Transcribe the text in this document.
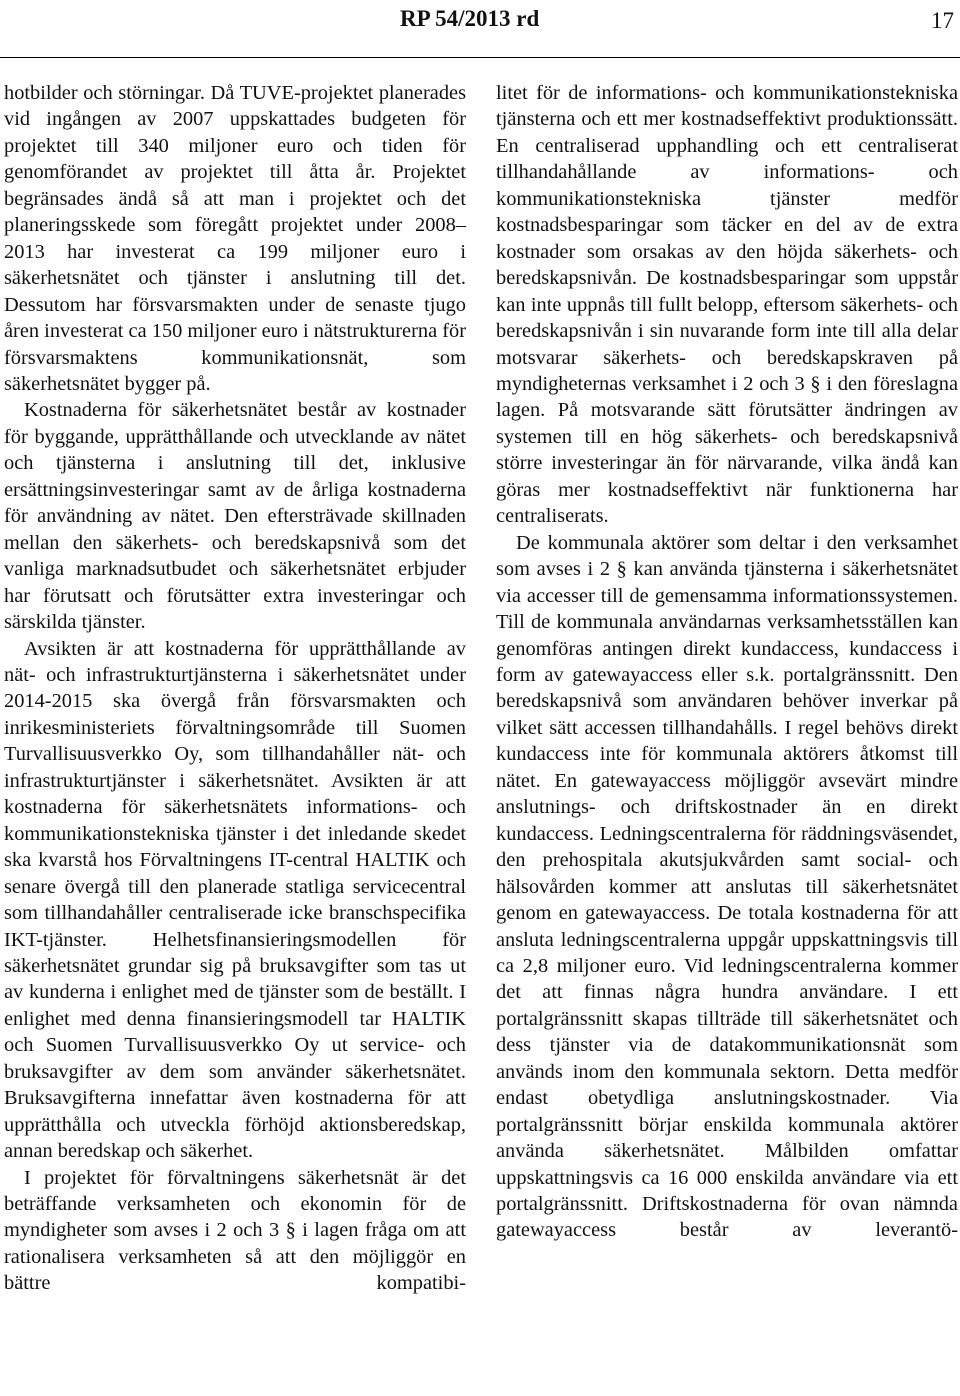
RP 54/2013 rd	17

hotbilder och störningar. Då TUVE-projektet planerades vid ingången av 2007 uppskattades budgeten för projektet till 340 miljoner euro och tiden för genomförandet av projektet till åtta år. Projektet begränsades ändå så att man i projektet och det planeringsskede som föregått projektet under 2008–2013 har investerat ca 199 miljoner euro i säkerhetsnätet och tjänster i anslutning till det. Dessutom har försvarsmakten under de senaste tjugo åren investerat ca 150 miljoner euro i nätstrukturerna för försvarsmaktens kommunikationsnät, som säkerhetsnätet bygger på.

Kostnaderna för säkerhetsnätet består av kostnader för byggande, upprätthållande och utvecklande av nätet och tjänsterna i anslutning till det, inklusive ersättningsinvesteringar samt av de årliga kostnaderna för användning av nätet. Den eftersträvade skillnaden mellan den säkerhets- och beredskapsnivå som det vanliga marknadsutbudet och säkerhetsnätet erbjuder har förutsatt och förutsätter extra investeringar och särskilda tjänster.

Avsikten är att kostnaderna för upprätthållande av nät- och infrastrukturtjänsterna i säkerhetsnätet under 2014-2015 ska övergå från försvarsmakten och inrikesministeriets förvaltningsområde till Suomen Turvallisuusverkko Oy, som tillhandahåller nät- och infrastrukturtjänster i säkerhetsnätet. Avsikten är att kostnaderna för säkerhetsnätets informations- och kommunikationstekniska tjänster i det inledande skedet ska kvarstå hos Förvaltningens IT-central HALTIK och senare övergå till den planerade statliga servicecentral som tillhandahåller centraliserade icke branschspecifika IKT-tjänster. Helhetsfinansieringsmodellen för säkerhetsnätet grundar sig på bruksavgifter som tas ut av kunderna i enlighet med de tjänster som de beställt. I enlighet med denna finansieringsmodell tar HALTIK och Suomen Turvallisuusverkko Oy ut service- och bruksavgifter av dem som använder säkerhetsnätet. Bruksavgifterna innefattar även kostnaderna för att upprätthålla och utveckla förhöjd aktionsberedskap, annan beredskap och säkerhet.

I projektet för förvaltningens säkerhetsnät är det beträffande verksamheten och ekonomin för de myndigheter som avses i 2 och 3 § i lagen fråga om att rationalisera verksamheten så att den möjliggör en bättre kompatibi-

litet för de informations- och kommunikationstekniska tjänsterna och ett mer kostnadseffektivt produktionssätt. En centraliserad upphandling och ett centraliserat tillhandahållande av informations- och kommunikationstekniska tjänster medför kostnadsbesparingar som täcker en del av de extra kostnader som orsakas av den höjda säkerhets- och beredskapsnivån. De kostnadsbesparingar som uppstår kan inte uppnås till fullt belopp, eftersom säkerhets- och beredskapsnivån i sin nuvarande form inte till alla delar motsvarar säkerhets- och beredskapskraven på myndigheternas verksamhet i 2 och 3 § i den föreslagna lagen. På motsvarande sätt förutsätter ändringen av systemen till en hög säkerhets- och beredskapsnivå större investeringar än för närvarande, vilka ändå kan göras mer kostnadseffektivt när funktionerna har centraliserats.

De kommunala aktörer som deltar i den verksamhet som avses i 2 § kan använda tjänsterna i säkerhetsnätet via accesser till de gemensamma informationssystemen. Till de kommunala användarnas verksamhetsställen kan genomföras antingen direkt kundaccess, kundaccess i form av gatewayaccess eller s.k. portalgränssnitt. Den beredskapsnivå som användaren behöver inverkar på vilket sätt accessen tillhandahålls. I regel behövs direkt kundaccess inte för kommunala aktörers åtkomst till nätet. En gatewayaccess möjliggör avsevärt mindre anslutnings- och driftskostnader än en direkt kundaccess. Ledningscentralerna för räddningsväsendet, den prehospitala akutsjukvården samt social- och hälsovården kommer att anslutas till säkerhetsnätet genom en gatewayaccess. De totala kostnaderna för att ansluta ledningscentralerna uppgår uppskattningsvis till ca 2,8 miljoner euro. Vid ledningscentralerna kommer det att finnas några hundra användare. I ett portalgränssnitt skapas tillträde till säkerhetsnätet och dess tjänster via de datakommunikationsnät som används inom den kommunala sektorn. Detta medför endast obetydliga anslutningskostnader. Via portalgränssnitt börjar enskilda kommunala aktörer använda säkerhetsnätet. Målbilden omfattar uppskattningsvis ca 16 000 enskilda användare via ett portalgränssnitt. Driftskostnaderna för ovan nämnda gatewayaccess består av leverantö-
